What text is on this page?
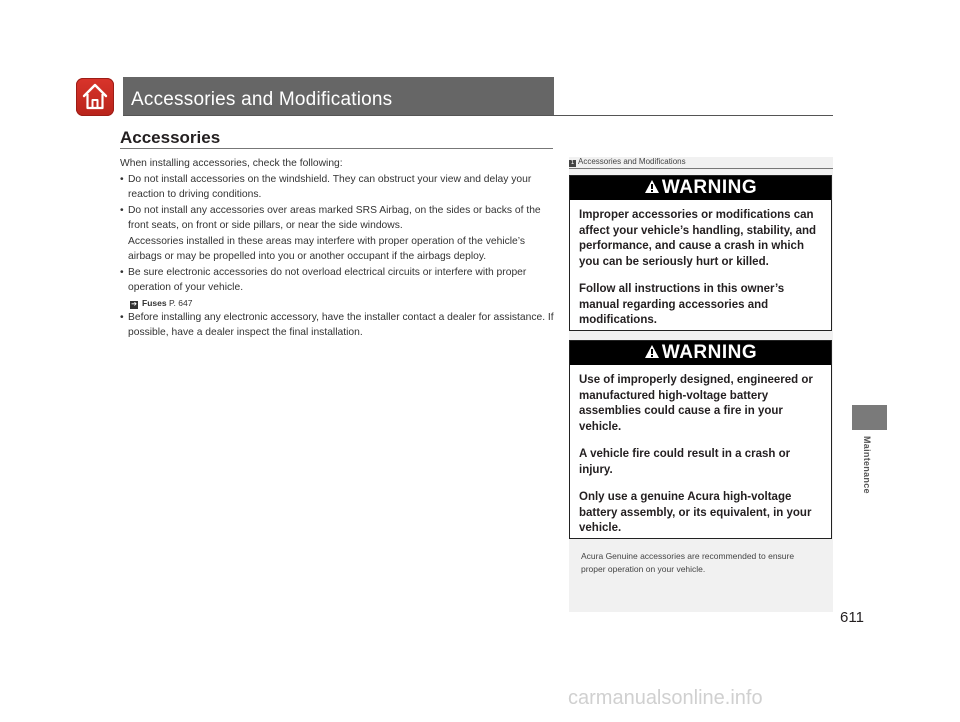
Accessories and Modifications
Accessories

When installing accessories, check the following:

• Do not install accessories on the windshield. They can obstruct your view and delay your reaction to driving conditions.

• Do not install any accessories over areas marked SRS Airbag, on the sides or backs of the front seats, on front or side pillars, or near the side windows.
Accessories installed in these areas may interfere with proper operation of the vehicle’s airbags or may be propelled into you or another occupant if the airbags deploy.

• Be sure electronic accessories do not overload electrical circuits or interfere with proper operation of your vehicle.

➔ Fuses P. 647

• Before installing any electronic accessory, have the installer contact a dealer for assistance. If possible, have a dealer inspect the final installation.

1 Accessories and Modifications
WARNING

Improper accessories or modifications can affect your vehicle’s handling, stability, and performance, and cause a crash in which you can be seriously hurt or killed.

Follow all instructions in this owner’s manual regarding accessories and modifications.

WARNING

Use of improperly designed, engineered or manufactured high-voltage battery assemblies could cause a fire in your vehicle.

A vehicle fire could result in a crash or injury.

Only use a genuine Acura high-voltage battery assembly, or its equivalent, in your vehicle.

Acura Genuine accessories are recommended to ensure proper operation on your vehicle.
Maintenance
611
carmanualsonline.info
